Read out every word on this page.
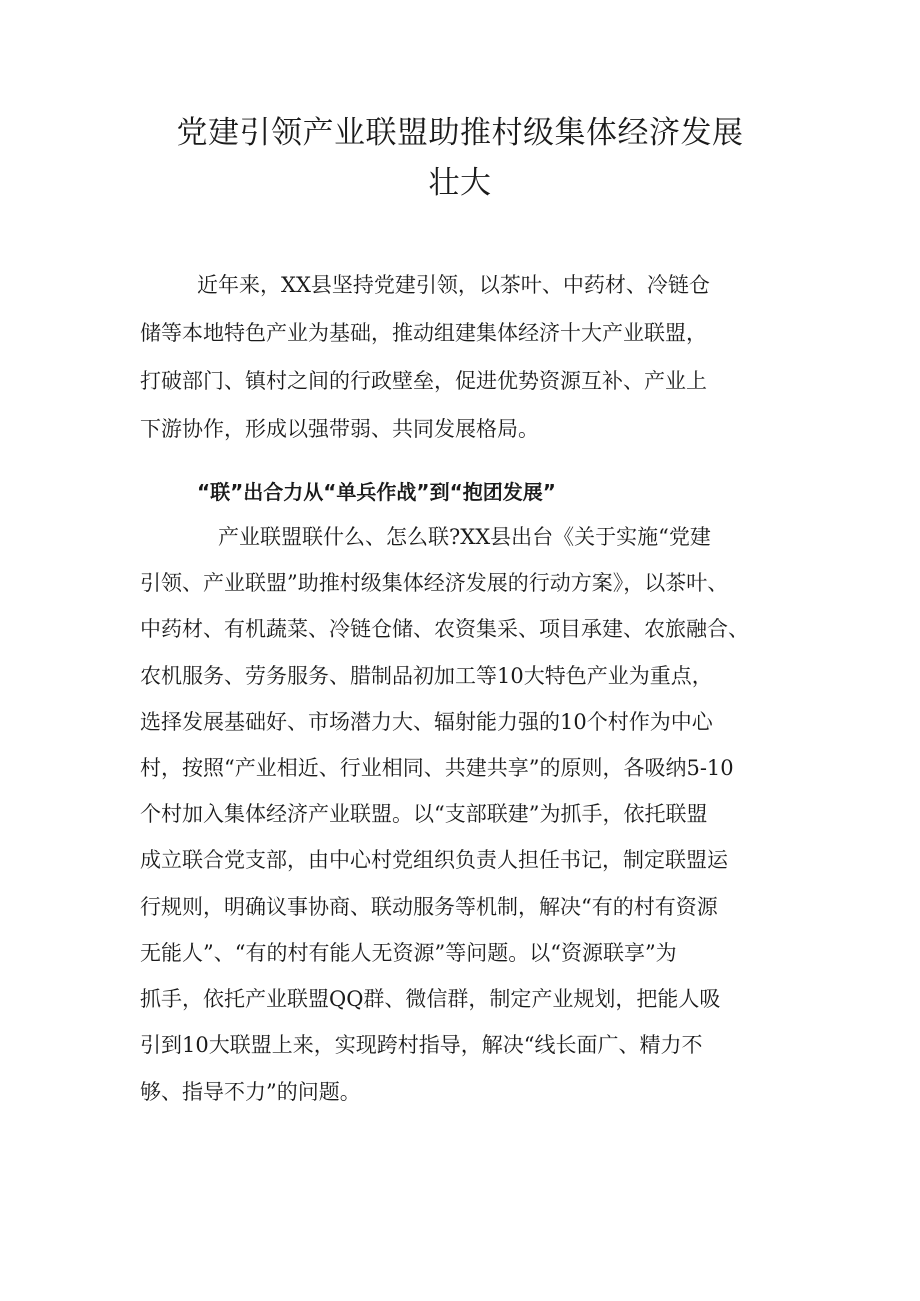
党建引领产业联盟助推村级集体经济发展
壮大

近年来，XX县坚持党建引领，以茶叶、中药材、冷链仓

储等本地特色产业为基础，推动组建集体经济十大产业联盟，

打破部门、镇村之间的行政壁垒，促进优势资源互补、产业上

下游协作，形成以强带弱、共同发展格局。

“联”出合力从“单兵作战”到“抱团发展”

产业联盟联什么、怎么联?XX县出台《关于实施“党建

引领、产业联盟”助推村级集体经济发展的行动方案》，以茶叶、

中药材、有机蔬菜、冷链仓储、农资集采、项目承建、农旅融合、

农机服务、劳务服务、腊制品初加工等10大特色产业为重点，

选择发展基础好、市场潜力大、辐射能力强的10个村作为中心

村，按照“产业相近、行业相同、共建共享”的原则，各吸纳5-10

个村加入集体经济产业联盟。以“支部联建”为抓手，依托联盟

成立联合党支部，由中心村党组织负责人担任书记，制定联盟运

行规则，明确议事协商、联动服务等机制，解决“有的村有资源

无能人”、“有的村有能人无资源”等问题。以“资源联享”为

抓手，依托产业联盟QQ群、微信群，制定产业规划，把能人吸

引到10大联盟上来，实现跨村指导，解决“线长面广、精力不

够、指导不力”的问题。
